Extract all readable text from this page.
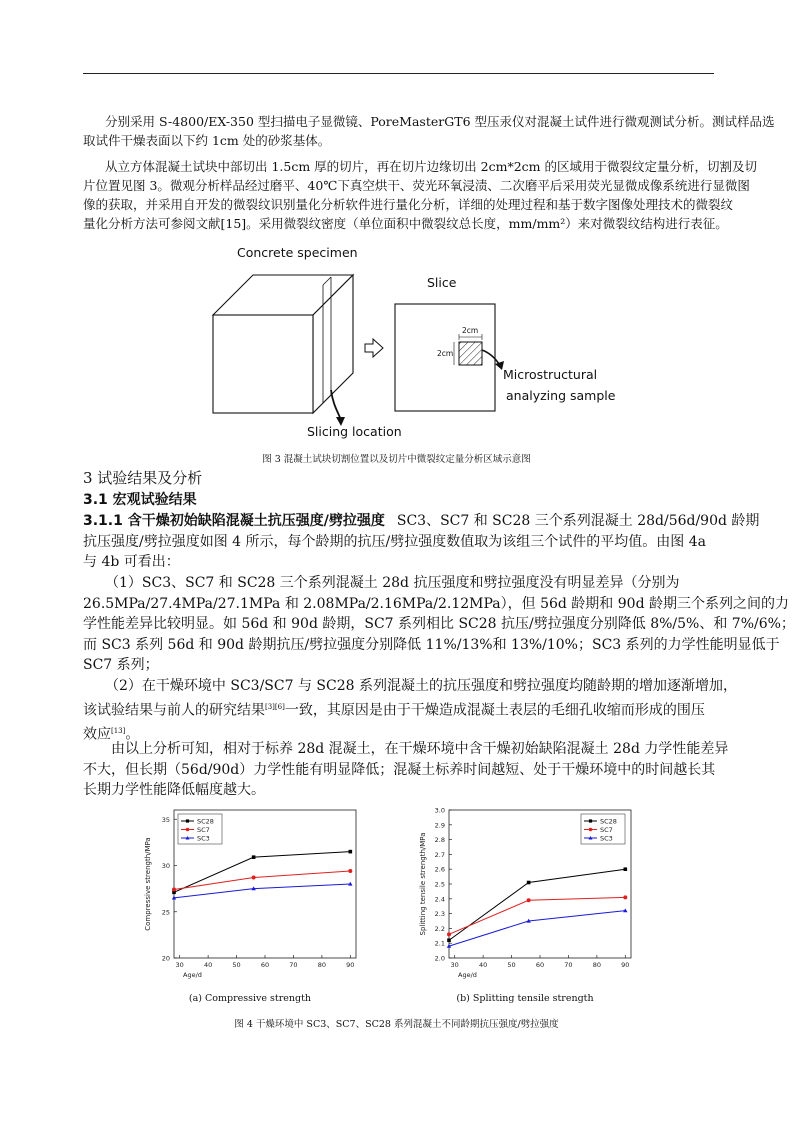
分别采用 S-4800/EX-350 型扫描电子显微镜、PoreMasterGT6 型压汞仪对混凝土试件进行微观测试分析。测试样品选
取试件干燥表面以下约 1cm 处的砂浆基体。
从立方体混凝土试块中部切出 1.5cm 厚的切片，再在切片边缘切出 2cm*2cm 的区域用于微裂纹定量分析，切割及切
片位置见图 3。微观分析样品经过磨平、40℃下真空烘干、荧光环氧浸渍、二次磨平后采用荧光显微成像系统进行显微图
像的获取，并采用自开发的微裂纹识别量化分析软件进行量化分析，详细的处理过程和基于数字图像处理技术的微裂纹
量化分析方法可参阅文献[15]。采用微裂纹密度（单位面积中微裂纹总长度，mm/mm²）来对微裂纹结构进行表征。
Concrete specimen
Slicing location
Slice
2cm
2cm
Microstructural
analyzing sample
图 3 混凝土试块切割位置以及切片中微裂纹定量分析区域示意图
3 试验结果及分析
3.1 宏观试验结果
3.1.1 含干燥初始缺陷混凝土抗压强度/劈拉强度 SC3、SC7 和 SC28 三个系列混凝土 28d/56d/90d 龄期
抗压强度/劈拉强度如图 4 所示，每个龄期的抗压/劈拉强度数值取为该组三个试件的平均值。由图 4a
与 4b 可看出：
（1）SC3、SC7 和 SC28 三个系列混凝土 28d 抗压强度和劈拉强度没有明显差异（分别为
26.5MPa/27.4MPa/27.1MPa 和 2.08MPa/2.16MPa/2.12MPa），但 56d 龄期和 90d 龄期三个系列之间的力
学性能差异比较明显。如 56d 和 90d 龄期，SC7 系列相比 SC28 抗压/劈拉强度分别降低 8%/5%、和 7%/6%；
而 SC3 系列 56d 和 90d 龄期抗压/劈拉强度分别降低 11%/13%和 13%/10%；SC3 系列的力学性能明显低于
SC7 系列；
（2）在干燥环境中 SC3/SC7 与 SC28 系列混凝土的抗压强度和劈拉强度均随龄期的增加逐渐增加，
该试验结果与前人的研究结果[3][6]一致，其原因是由于干燥造成混凝土表层的毛细孔收缩而形成的围压
效应[13]。
由以上分析可知，相对于标养 28d 混凝土，在干燥环境中含干燥初始缺陷混凝土 28d 力学性能差异
不大，但长期（56d/90d）力学性能有明显降低；混凝土标养时间越短、处于干燥环境中的时间越长其
长期力学性能降低幅度越大。
20
25
30
35
30	40	50	60	70	80	90
Age/d
Compressive strength/MPa
SC28
SC7
SC3
2.0
2.1
2.2
2.3
2.4
2.5
2.6
2.7
2.8
2.9
3.0
30	40	50	60	70	80	90
Age/d
Splitting tensile strength/MPa
SC28
SC7
SC3
(a) Compressive strength	(b) Splitting tensile strength
图 4 干燥环境中 SC3、SC7、SC28 系列混凝土不同龄期抗压强度/劈拉强度
